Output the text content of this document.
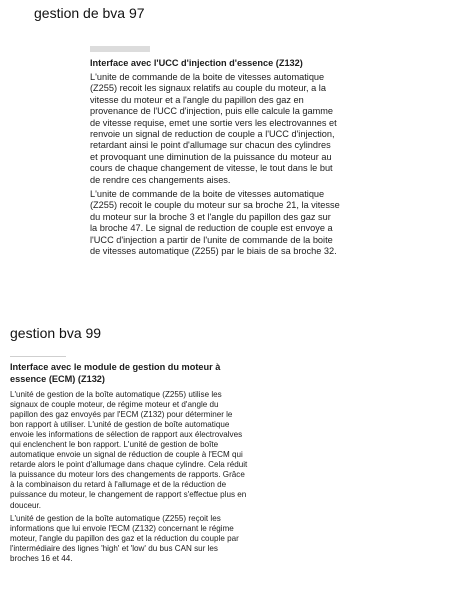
gestion de bva 97
Interface avec l'UCC d'injection d'essence (Z132)

L'unite de commande de la boite de vitesses automatique (Z255) recoit les signaux relatifs au couple du moteur, a la vitesse du moteur et a l'angle du papillon des gaz en provenance de l'UCC d'injection, puis elle calcule la gamme de vitesse requise, emet une sortie vers les electrovannes et renvoie un signal de reduction de couple a l'UCC d'injection, retardant ainsi le point d'allumage sur chacun des cylindres et provoquant une diminution de la puissance du moteur au cours de chaque changement de vitesse, le tout dans le but de rendre ces changements aises.

L'unite de commande de la boite de vitesses automatique (Z255) recoit le couple du moteur sur sa broche 21, la vitesse du moteur sur la broche 3 et l'angle du papillon des gaz sur la broche 47. Le signal de reduction de couple est envoye a l'UCC d'injection a partir de l'unite de commande de la boite de vitesses automatique (Z255) par le biais de sa broche 32.

gestion bva 99
Interface avec le module de gestion du moteur à essence (ECM) (Z132)

L'unité de gestion de la boîte automatique (Z255) utilise les signaux de couple moteur, de régime moteur et d'angle du papillon des gaz envoyés par l'ECM (Z132) pour déterminer le bon rapport à utiliser. L'unité de gestion de boîte automatique envoie les informations de sélection de rapport aux électrovalves qui enclenchent le bon rapport. L'unité de gestion de boîte automatique envoie un signal de réduction de couple à l'ECM qui retarde alors le point d'allumage dans chaque cylindre. Cela réduit la puissance du moteur lors des changements de rapports. Grâce à la combinaison du retard à l'allumage et de la réduction de puissance du moteur, le changement de rapport s'effectue plus en douceur.

L'unité de gestion de la boîte automatique (Z255) reçoit les informations que lui envoie l'ECM (Z132) concernant le régime moteur, l'angle du papillon des gaz et la réduction du couple par l'intermédiaire des lignes 'high' et 'low' du bus CAN sur les broches 16 et 44.
